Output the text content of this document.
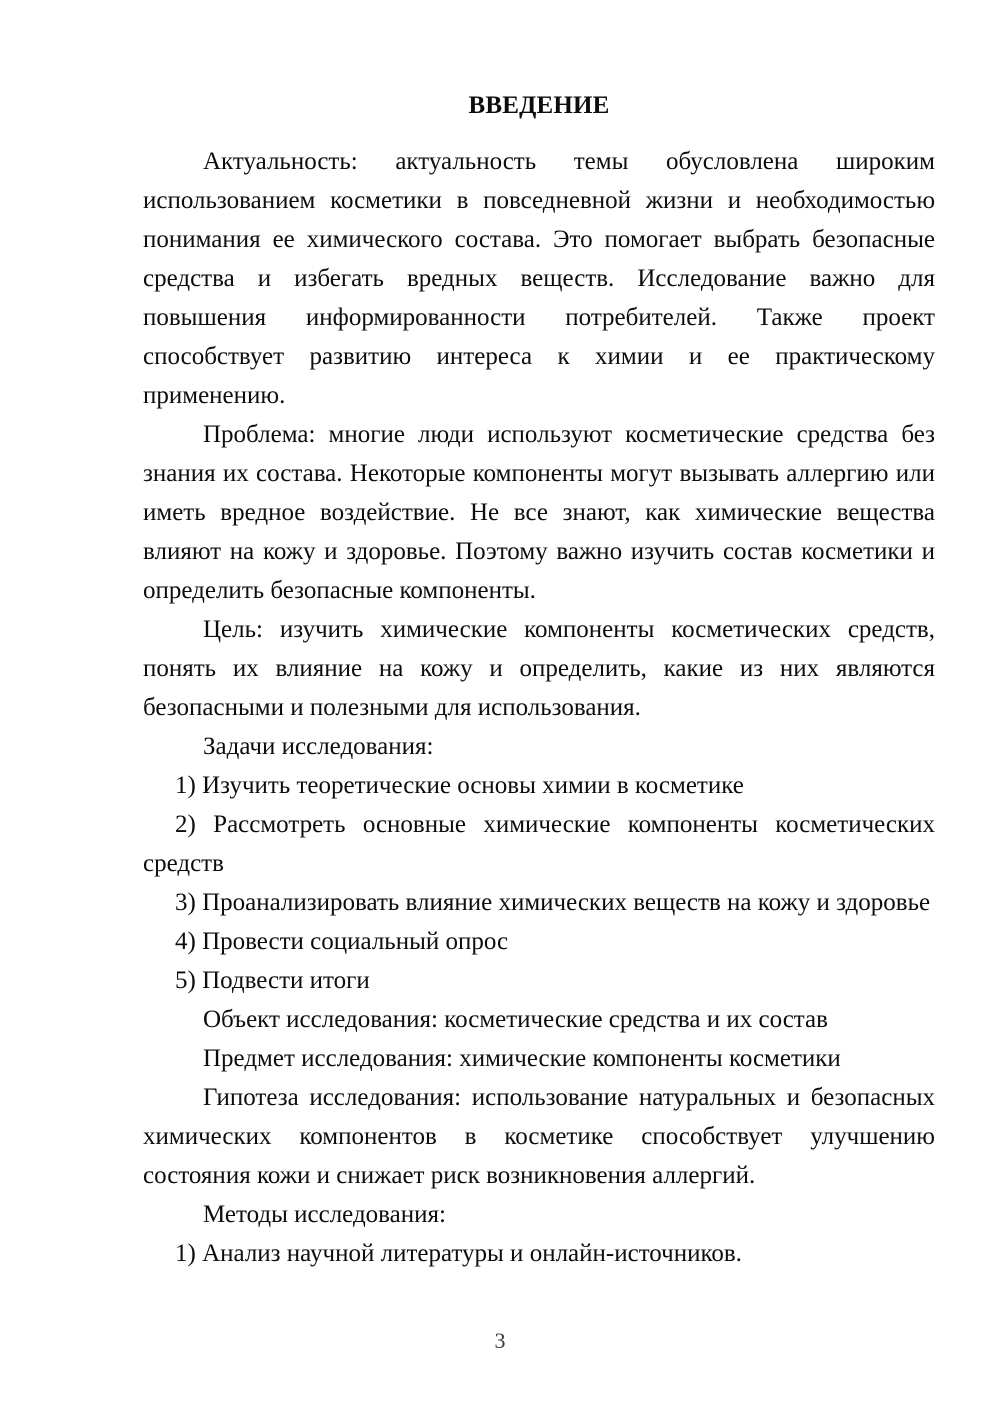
ВВЕДЕНИЕ

Актуальность: актуальность темы обусловлена широким использованием косметики в повседневной жизни и необходимостью понимания ее химического состава. Это помогает выбрать безопасные средства и избегать вредных веществ. Исследование важно для повышения информированности потребителей. Также проект способствует развитию интереса к химии и ее практическому применению.

Проблема: многие люди используют косметические средства без знания их состава. Некоторые компоненты могут вызывать аллергию или иметь вредное воздействие. Не все знают, как химические вещества влияют на кожу и здоровье. Поэтому важно изучить состав косметики и определить безопасные компоненты.

Цель: изучить химические компоненты косметических средств, понять их влияние на кожу и определить, какие из них являются безопасными и полезными для использования.

Задачи исследования:

1) Изучить теоретические основы химии в косметике

2) Рассмотреть основные химические компоненты косметических средств

3) Проанализировать влияние химических веществ на кожу и здоровье

4) Провести социальный опрос

5) Подвести итоги

Объект исследования: косметические средства и их состав

Предмет исследования: химические компоненты косметики

Гипотеза исследования: использование натуральных и безопасных химических компонентов в косметике способствует улучшению состояния кожи и снижает риск возникновения аллергий.

Методы исследования:

1) Анализ научной литературы и онлайн-источников.

3
